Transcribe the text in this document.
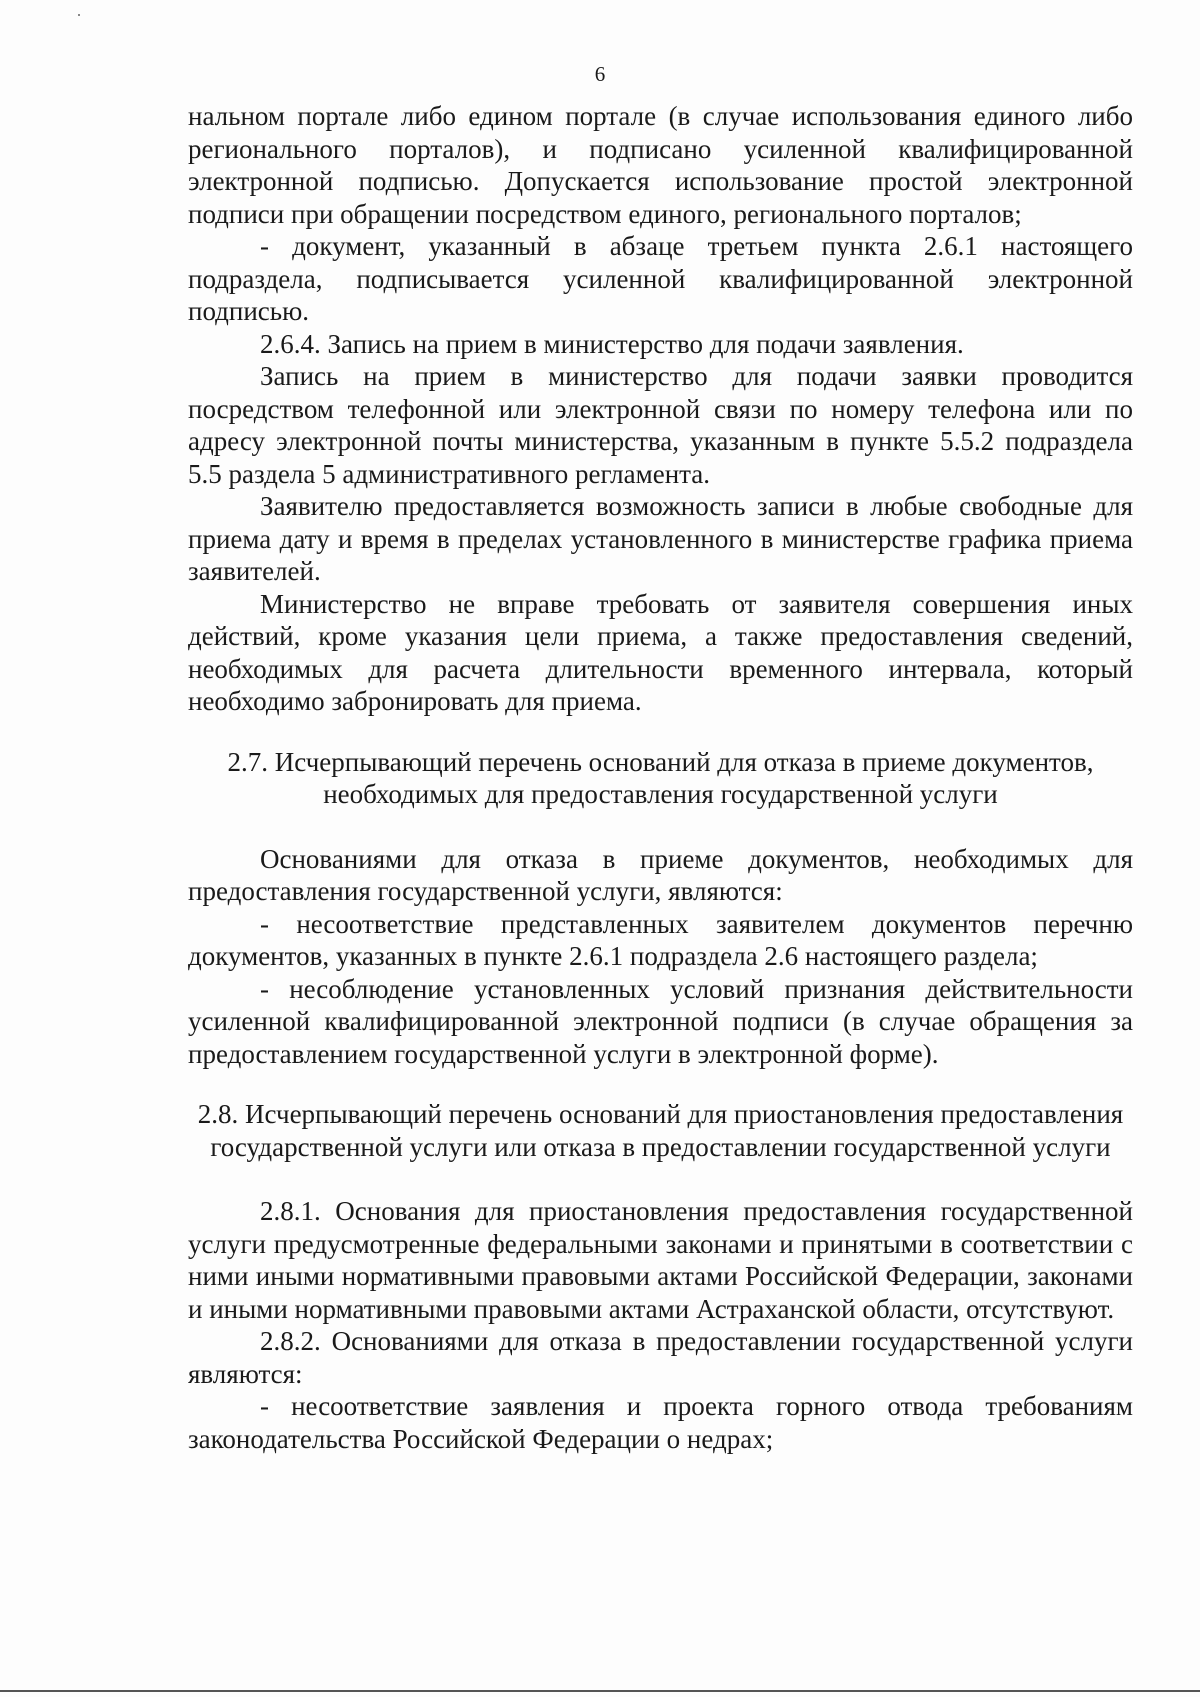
6

нальном портале либо едином портале (в случае использования единого либо регионального порталов), и подписано усиленной квалифицированной электронной подписью. Допускается использование простой электронной подписи при обращении посредством единого, регионального порталов;

- документ, указанный в абзаце третьем пункта 2.6.1 настоящего подраздела, подписывается усиленной квалифицированной электронной подписью.

2.6.4. Запись на прием в министерство для подачи заявления.

Запись на прием в министерство для подачи заявки проводится посредством телефонной или электронной связи по номеру телефона или по адресу электронной почты министерства, указанным в пункте 5.5.2 подраздела 5.5 раздела 5 административного регламента.

Заявителю предоставляется возможность записи в любые свободные для приема дату и время в пределах установленного в министерстве графика приема заявителей.

Министерство не вправе требовать от заявителя совершения иных действий, кроме указания цели приема, а также предоставления сведений, необходимых для расчета длительности временного интервала, который необходимо забронировать для приема.

2.7. Исчерпывающий перечень оснований для отказа в приеме документов, необходимых для предоставления государственной услуги

Основаниями для отказа в приеме документов, необходимых для предоставления государственной услуги, являются:

- несоответствие представленных заявителем документов перечню документов, указанных в пункте 2.6.1 подраздела 2.6 настоящего раздела;

- несоблюдение установленных условий признания действительности усиленной квалифицированной электронной подписи (в случае обращения за предоставлением государственной услуги в электронной форме).

2.8. Исчерпывающий перечень оснований для приостановления предоставления государственной услуги или отказа в предоставлении государственной услуги

2.8.1. Основания для приостановления предоставления государственной услуги предусмотренные федеральными законами и принятыми в соответствии с ними иными нормативными правовыми актами Российской Федерации, законами и иными нормативными правовыми актами Астраханской области, отсутствуют.

2.8.2. Основаниями для отказа в предоставлении государственной услуги являются:

- несоответствие заявления и проекта горного отвода требованиям законодательства Российской Федерации о недрах;
